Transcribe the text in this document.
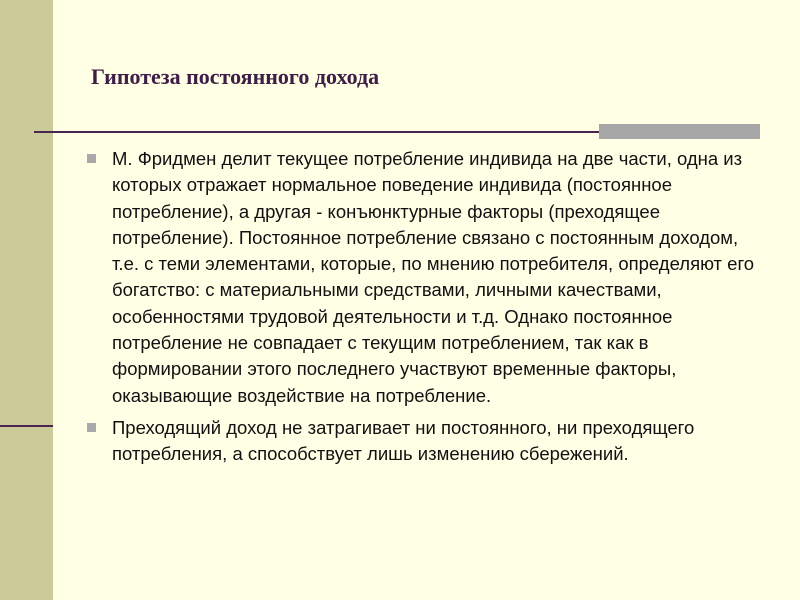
Гипотеза постоянного дохода
М. Фридмен делит текущее потребление индивида на две части, одна из которых отражает нормальное поведение индивида (постоянное потребление), а другая - конъюнктурные факторы (преходящее потребление). Постоянное потребление связано с постоянным доходом, т.е. с теми элементами, которые, по мнению потребителя, определяют его богатство: с материальными средствами, личными качествами, особенностями трудовой деятельности и т.д. Однако постоянное потребление не совпадает с текущим потреблением, так как в формировании этого последнего участвуют временные факторы, оказывающие воздействие на потребление.
Преходящий доход не затрагивает ни постоянного, ни преходящего потребления, а способствует лишь изменению сбережений.
